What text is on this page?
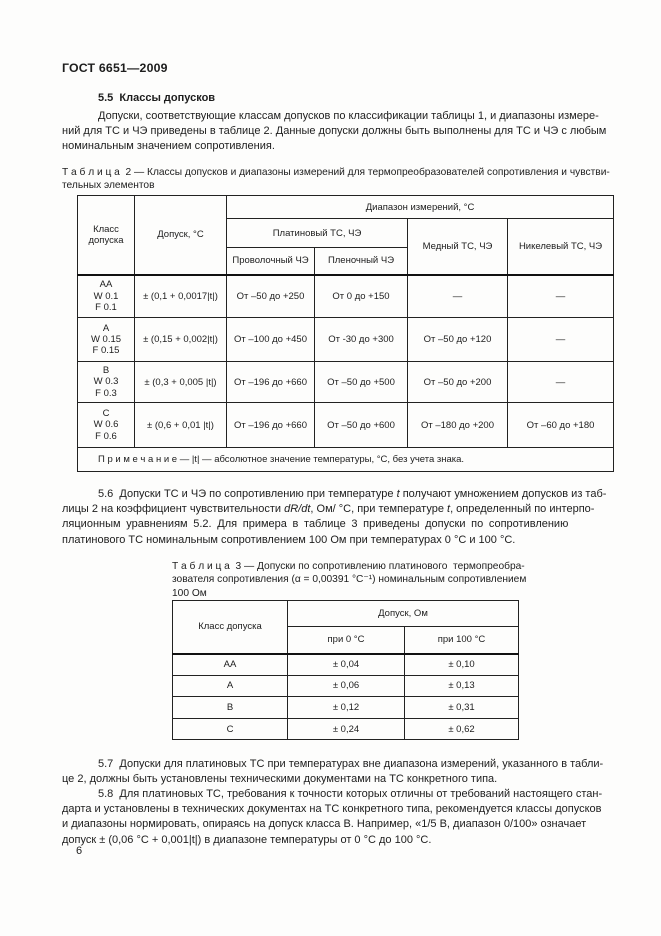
ГОСТ 6651—2009
5.5  Классы допусков
Допуски, соответствующие классам допусков по классификации таблицы 1, и диапазоны измере-
ний для ТС и ЧЭ приведены в таблице 2. Данные допуски должны быть выполнены для ТС и ЧЭ с любым
номинальным значением сопротивления.
Т а б л и ц а  2 — Классы допусков и диапазоны измерений для термопреобразователей сопротивления и чувстви-
тельных элементов
Класс допуска	Допуск, °С	Диапазон измерений, °С			
		Платиновый ТС, ЧЭ		Медный ТС, ЧЭ	Никелевый ТС, ЧЭ
		Проволочный ЧЭ	Пленочный ЧЭ		

AA
W 0.1
F 0.1	± (0,1 + 0,0017|t|)	От –50 до +250	От 0 до +150	—	—

A
W 0.15
F 0.15	± (0,15 + 0,002|t|)	От –100 до +450	От -30 до +300	От –50 до +120	—

B
W 0.3
F 0.3	± (0,3 + 0,005 |t|)	От –196 до +660	От –50 до +500	От –50 до +200	—

C
W 0.6
F 0.6	± (0,6 + 0,01 |t|)	От –196 до +660	От –50 до +600	От –180 до +200	От –60 до +180
П р и м е ч а н и е — |t| — абсолютное значение температуры, °С, без учета знака.					
5.6  Допуски ТС и ЧЭ по сопротивлению при температуре t получают умножением допусков из таб-
лицы 2 на коэффициент чувствительности dR/dt, Ом/ °С, при температуре t, определенный по интерпо-
ляционным уравнениям 5.2. Для примера в таблице 3 приведены допуски по сопротивлению
платинового ТС номинальным сопротивлением 100 Ом при температурах 0 °С и 100 °С.
Т а б л и ц а  3 — Допуски по сопротивлению платинового  термопреобра-
зователя сопротивления (α = 0,00391 °С⁻¹) номинальным сопротивлением
100 Ом
Класс допуска	Допуск, Ом	
	при 0 °С	при 100 °С
AA	± 0,04	± 0,10
A	± 0,06	± 0,13
B	± 0,12	± 0,31
C	± 0,24	± 0,62
5.7  Допуски для платиновых ТС при температурах вне диапазона измерений, указанного в табли-
це 2, должны быть установлены техническими документами на ТС конкретного типа.
5.8  Для платиновых ТС, требования к точности которых отличны от требований настоящего стан-
дарта и установлены в технических документах на ТС конкретного типа, рекомендуется классы допусков
и диапазоны нормировать, опираясь на допуск класса В. Например, «1/5 В, диапазон 0/100» означает
допуск ± (0,06 °С + 0,001|t|) в диапазоне температуры от 0 °С до 100 °С.
6
